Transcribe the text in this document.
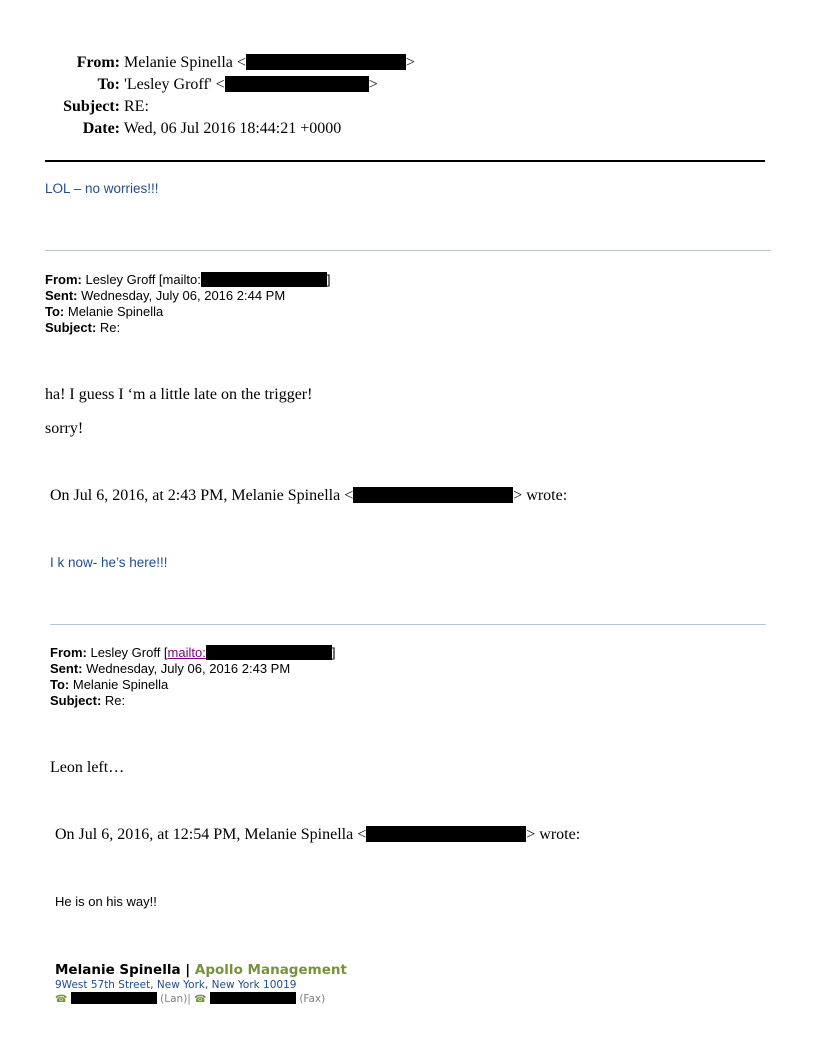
From: Melanie Spinella <	>
To: 'Lesley Groff' <	>
Subject: RE:
Date: Wed, 06 Jul 2016 18:44:21 +0000
LOL – no worries!!!
From: Lesley Groff [mailto:	]
Sent: Wednesday, July 06, 2016 2:44 PM
To: Melanie Spinella
Subject: Re:
ha! I guess I ‘m a little late on the trigger!
sorry!
On Jul 6, 2016, at 2:43 PM, Melanie Spinella <	> wrote:
I k now- he’s here!!!
From: Lesley Groff [mailto:	]
Sent: Wednesday, July 06, 2016 2:43 PM
To: Melanie Spinella
Subject: Re:
Leon left…
On Jul 6, 2016, at 12:54 PM, Melanie Spinella <	> wrote:
He is on his way!!
Melanie Spinella | Apollo Management
9West 57th Street, New York, New York 10019
☎	(Lan)| ☎	(Fax)
